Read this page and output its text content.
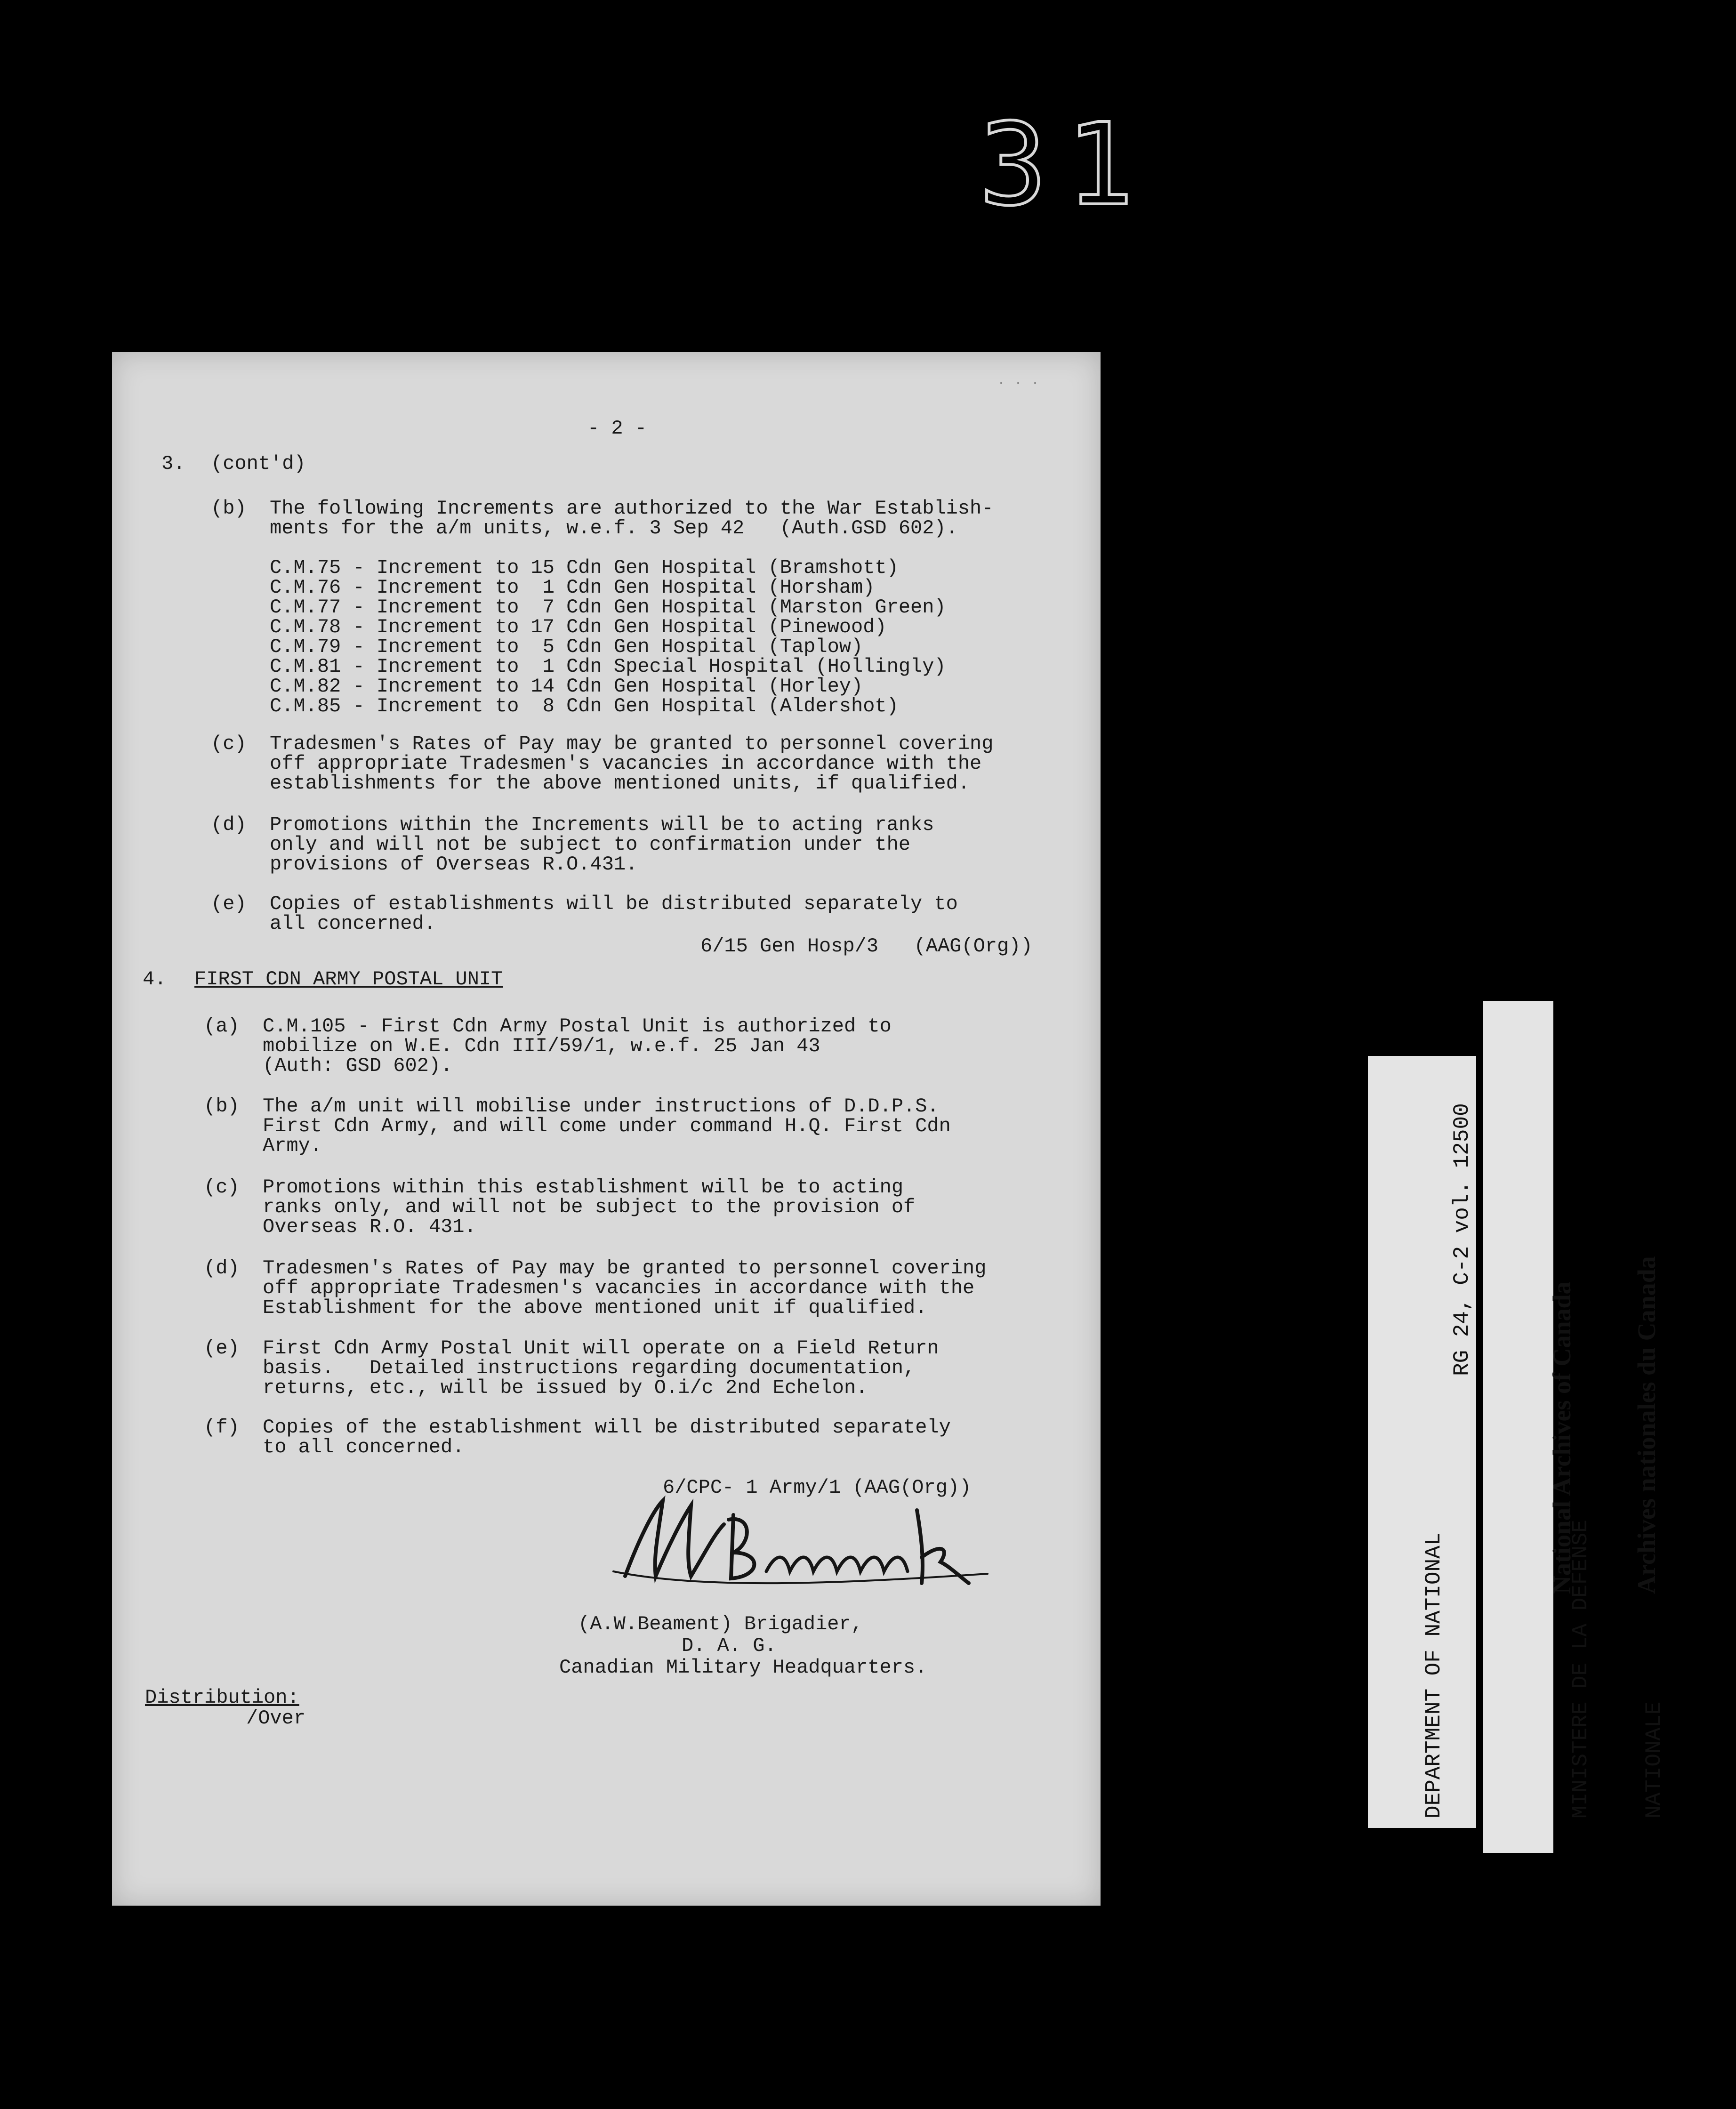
31
· · ·
- 2 -
3. (cont'd)
(b) The following Increments are authorized to the War Establish-
ments for the a/m units, w.e.f. 3 Sep 42   (Auth.GSD 602).
C.M.75 - Increment to 15 Cdn Gen Hospital (Bramshott)
C.M.76 - Increment to  1 Cdn Gen Hospital (Horsham)
C.M.77 - Increment to  7 Cdn Gen Hospital (Marston Green)
C.M.78 - Increment to 17 Cdn Gen Hospital (Pinewood)
C.M.79 - Increment to  5 Cdn Gen Hospital (Taplow)
C.M.81 - Increment to  1 Cdn Special Hospital (Hollingly)
C.M.82 - Increment to 14 Cdn Gen Hospital (Horley)
C.M.85 - Increment to  8 Cdn Gen Hospital (Aldershot)
(c) Tradesmen's Rates of Pay may be granted to personnel covering
off appropriate Tradesmen's vacancies in accordance with the
establishments for the above mentioned units, if qualified.
(d) Promotions within the Increments will be to acting ranks
only and will not be subject to confirmation under the
provisions of Overseas R.O.431.
(e) Copies of establishments will be distributed separately to
all concerned.
6/15 Gen Hosp/3   (AAG(Org))
4. FIRST CDN ARMY POSTAL UNIT
(a) C.M.105 - First Cdn Army Postal Unit is authorized to
mobilize on W.E. Cdn III/59/1, w.e.f. 25 Jan 43
(Auth: GSD 602).
(b) The a/m unit will mobilise under instructions of D.D.P.S.
First Cdn Army, and will come under command H.Q. First Cdn
Army.
(c) Promotions within this establishment will be to acting
ranks only, and will not be subject to the provision of
Overseas R.O. 431.
(d) Tradesmen's Rates of Pay may be granted to personnel covering
off appropriate Tradesmen's vacancies in accordance with the
Establishment for the above mentioned unit if qualified.
(e) First Cdn Army Postal Unit will operate on a Field Return
basis.   Detailed instructions regarding documentation,
returns, etc., will be issued by O.i/c 2nd Echelon.
(f) Copies of the establishment will be distributed separately
to all concerned.
6/CPC- 1 Army/1 (AAG(Org))
(A.W.Beament) Brigadier,
D. A. G.
Canadian Military Headquarters.
Distribution:
/Over

	DEPARTMENT OF NATIONAL

	MINISTERE DE LA DEFENSE

NATIONALE

RG 24, C-2 vol. 12500

National Archives of Canada

Archives nationales du Canada
